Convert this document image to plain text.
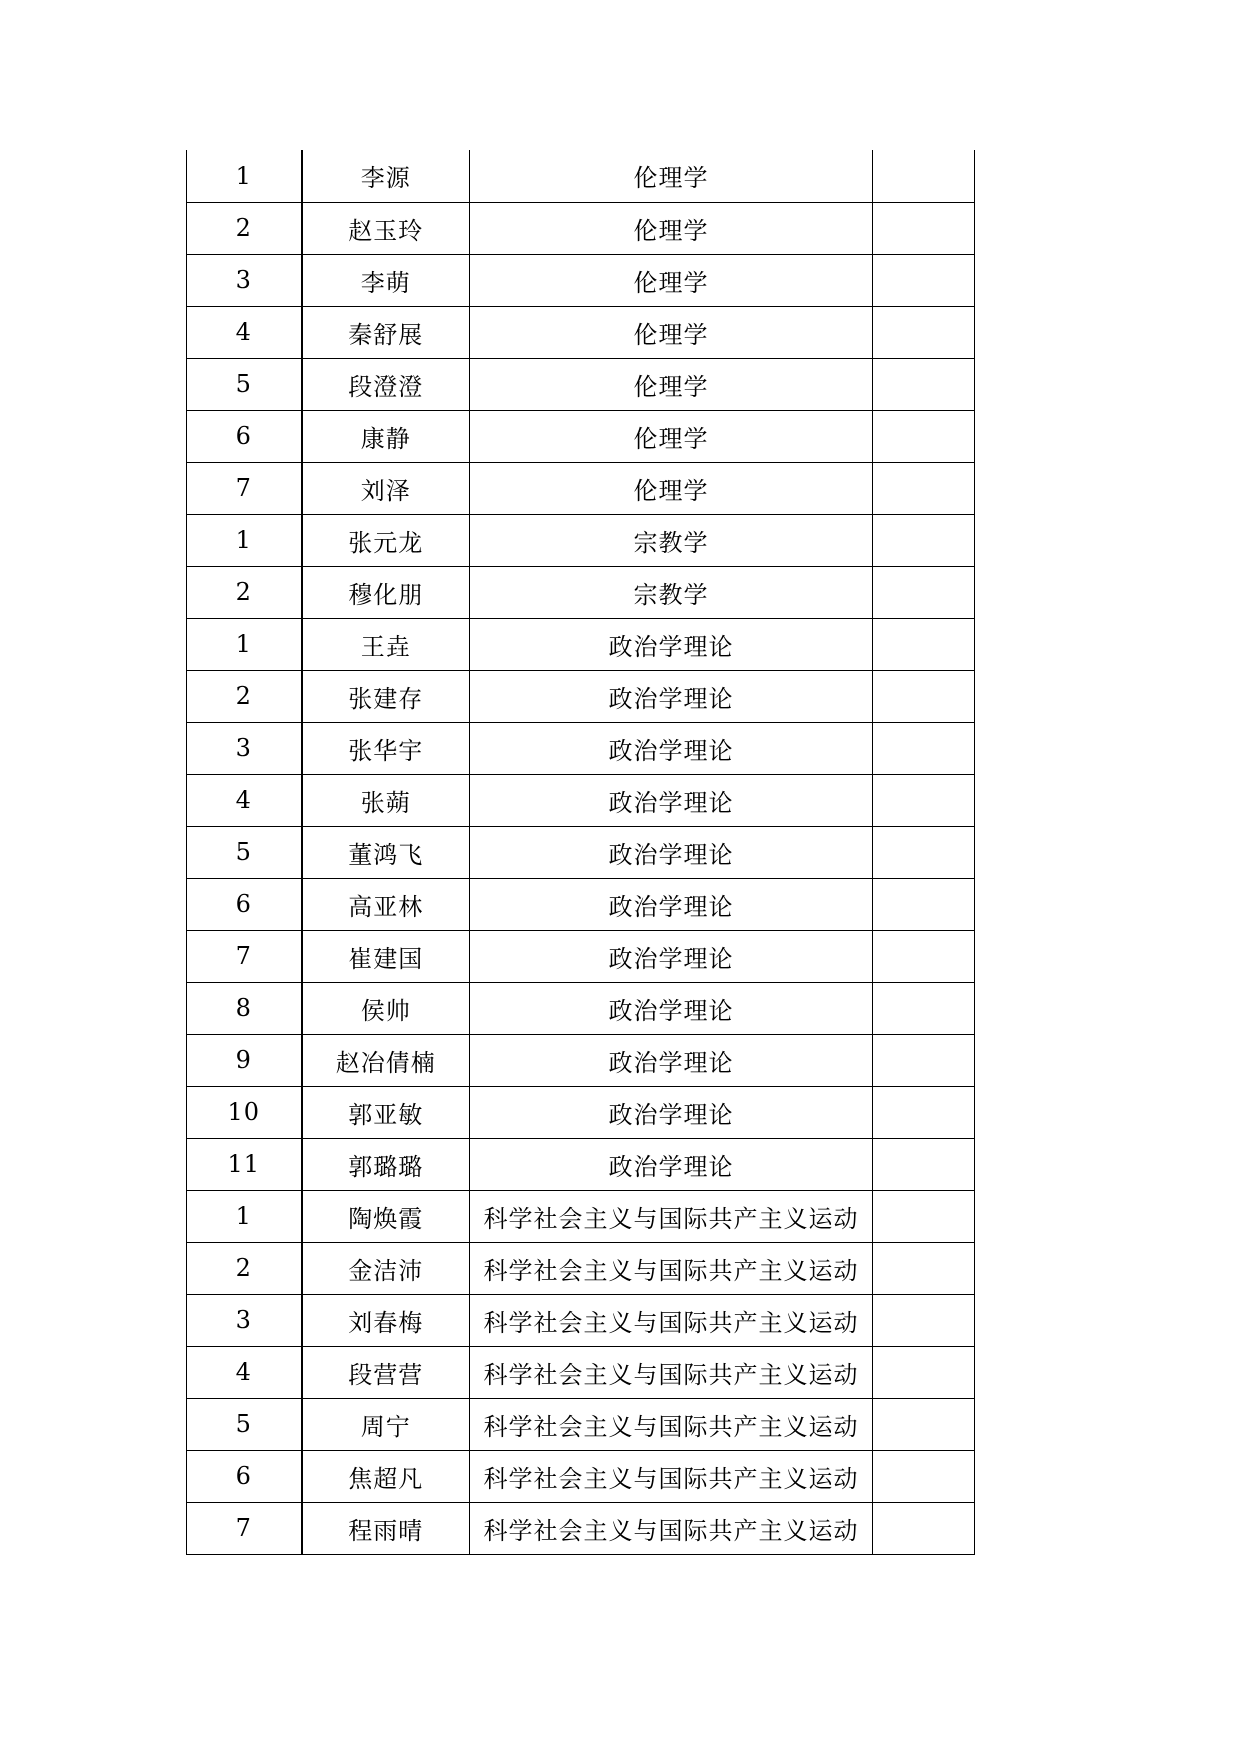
1	李源	伦理学	
2	赵玉玲	伦理学	
3	李萌	伦理学	
4	秦舒展	伦理学	
5	段澄澄	伦理学	
6	康静	伦理学	
7	刘泽	伦理学	
1	张元龙	宗教学	
2	穆化朋	宗教学	
1	王垚	政治学理论	
2	张建存	政治学理论	
3	张华宇	政治学理论	
4	张蒴	政治学理论	
5	董鸿飞	政治学理论	
6	高亚林	政治学理论	
7	崔建国	政治学理论	
8	侯帅	政治学理论	
9	赵冶倩楠	政治学理论	
10	郭亚敏	政治学理论	
11	郭璐璐	政治学理论	
1	陶焕霞	科学社会主义与国际共产主义运动	
2	金洁沛	科学社会主义与国际共产主义运动	
3	刘春梅	科学社会主义与国际共产主义运动	
4	段营营	科学社会主义与国际共产主义运动	
5	周宁	科学社会主义与国际共产主义运动	
6	焦超凡	科学社会主义与国际共产主义运动	
7	程雨晴	科学社会主义与国际共产主义运动	
